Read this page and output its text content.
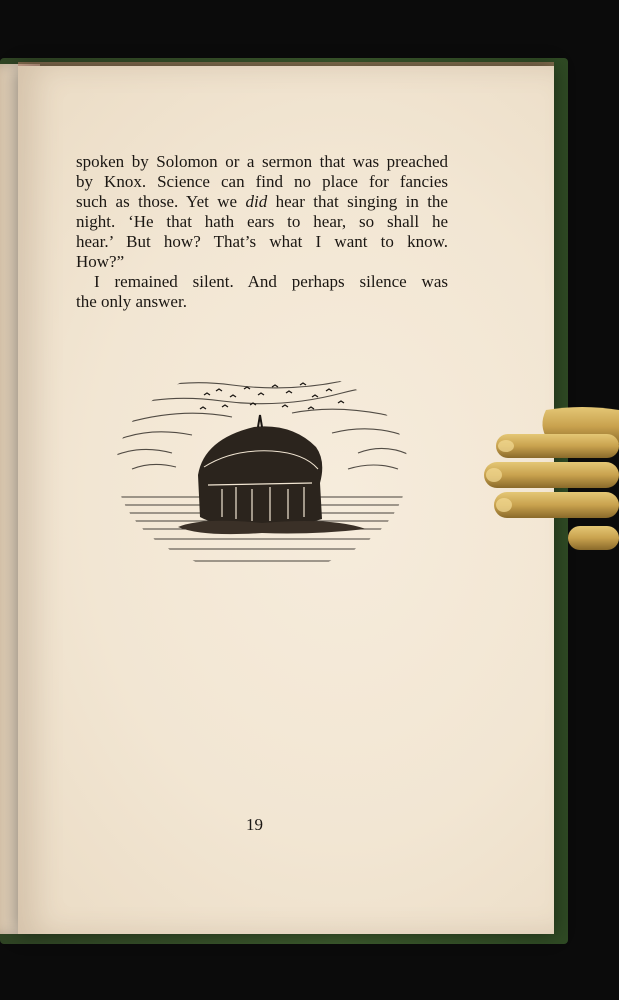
spoken by Solomon or a sermon that was preached
by Knox. Science can find no place for fancies
such as those. Yet we did hear that singing in the
night. ‘He that hath ears to hear, so shall he
hear.’ But how? That’s what I want to know.
How?”
I remained silent. And perhaps silence was
the only answer.
19
